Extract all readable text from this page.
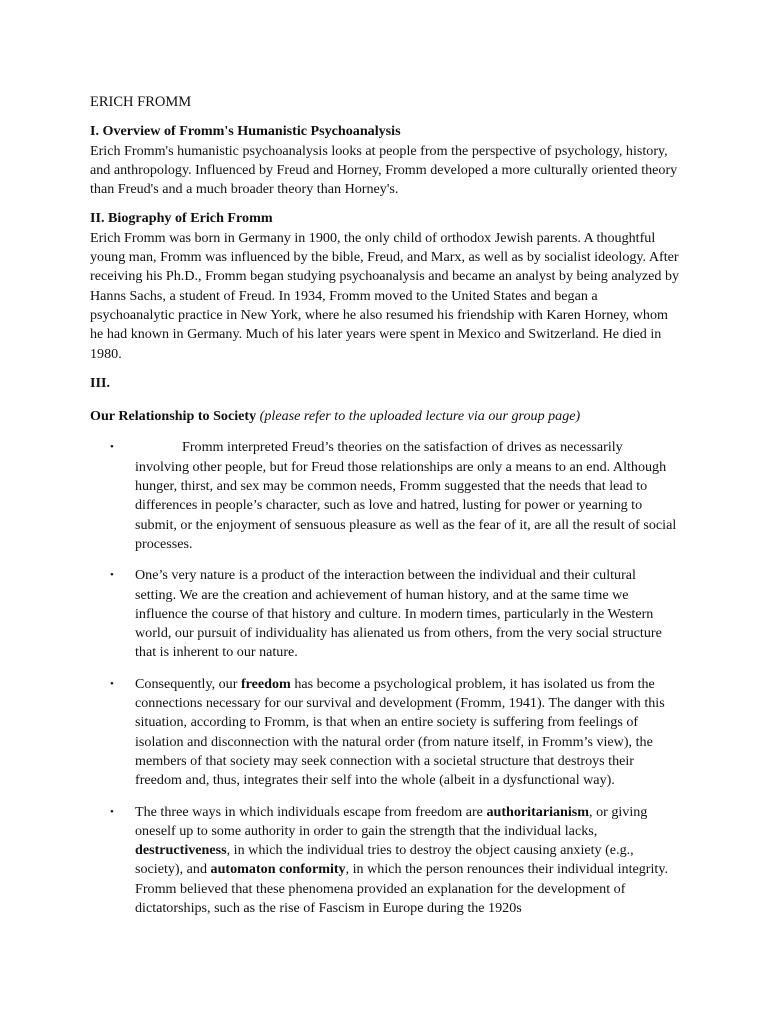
ERICH FROMM
I. Overview of Fromm's Humanistic Psychoanalysis

Erich Fromm's humanistic psychoanalysis looks at people from the perspective of psychology, history, and anthropology. Influenced by Freud and Horney, Fromm developed a more culturally oriented theory than Freud's and a much broader theory than Horney's.

II. Biography of Erich Fromm

Erich Fromm was born in Germany in 1900, the only child of orthodox Jewish parents. A thoughtful young man, Fromm was influenced by the bible, Freud, and Marx, as well as by socialist ideology. After receiving his Ph.D., Fromm began studying psychoanalysis and became an analyst by being analyzed by Hanns Sachs, a student of Freud. In 1934, Fromm moved to the United States and began a psychoanalytic practice in New York, where he also resumed his friendship with Karen Horney, whom he had known in Germany. Much of his later years were spent in Mexico and Switzerland. He died in 1980.

III.

Our Relationship to Society (please refer to the uploaded lecture via our group page)

•	Fromm interpreted Freud’s theories on the satisfaction of drives as necessarily involving other people, but for Freud those relationships are only a means to an end. Although hunger, thirst, and sex may be common needs, Fromm suggested that the needs that lead to differences in people’s character, such as love and hatred, lusting for power or yearning to submit, or the enjoyment of sensuous pleasure as well as the fear of it, are all the result of social processes.
• One’s very nature is a product of the interaction between the individual and their cultural setting. We are the creation and achievement of human history, and at the same time we influence the course of that history and culture. In modern times, particularly in the Western world, our pursuit of individuality has alienated us from others, from the very social structure that is inherent to our nature.
• Consequently, our freedom has become a psychological problem, it has isolated us from the connections necessary for our survival and development (Fromm, 1941). The danger with this situation, according to Fromm, is that when an entire society is suffering from feelings of isolation and disconnection with the natural order (from nature itself, in Fromm’s view), the members of that society may seek connection with a societal structure that destroys their freedom and, thus, integrates their self into the whole (albeit in a dysfunctional way).
• The three ways in which individuals escape from freedom are authoritarianism, or giving oneself up to some authority in order to gain the strength that the individual lacks, destructiveness, in which the individual tries to destroy the object causing anxiety (e.g., society), and automaton conformity, in which the person renounces their individual integrity. Fromm believed that these phenomena provided an explanation for the development of dictatorships, such as the rise of Fascism in Europe during the 1920s
